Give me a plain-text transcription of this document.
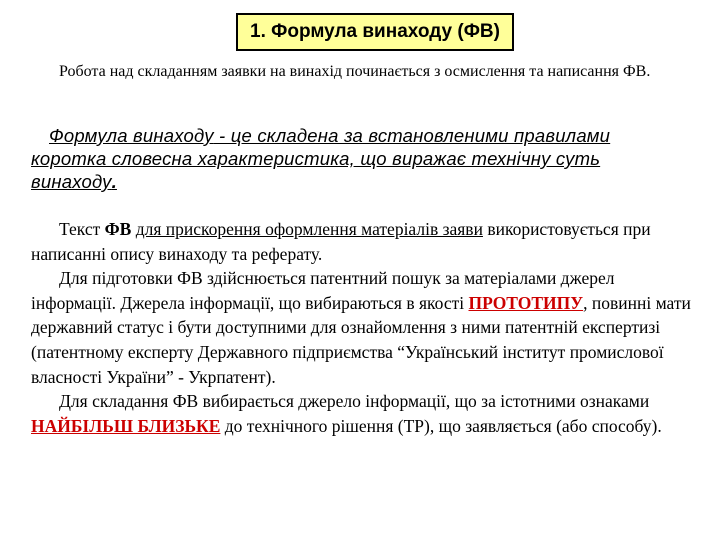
1. Формула винаходу (ФВ)

Робота над складанням заявки на винахід починається з осмислення та написання ФВ.

Формула винаходу - це складена за встановленими правилами коротка словесна характеристика, що виражає технічну суть винаходу.

Текст ФВ для прискорення оформлення матеріалів заяви використовується при написанні опису винаходу та реферату.

Для підготовки ФВ здійснюється патентний пошук за матеріалами джерел інформації. Джерела інформації, що вибираються в якості ПРОТОТИПУ, повинні мати державний статус і бути доступними для ознайомлення з ними патентній експертизі (патентному експерту Державного підприємства “Український інститут промислової власності України” - Укрпатент).

Для складання ФВ вибирається джерело інформації, що за істотними ознаками НАЙБІЛЬШ БЛИЗЬКЕ до технічного рішення (ТР), що заявляється (або способу).
